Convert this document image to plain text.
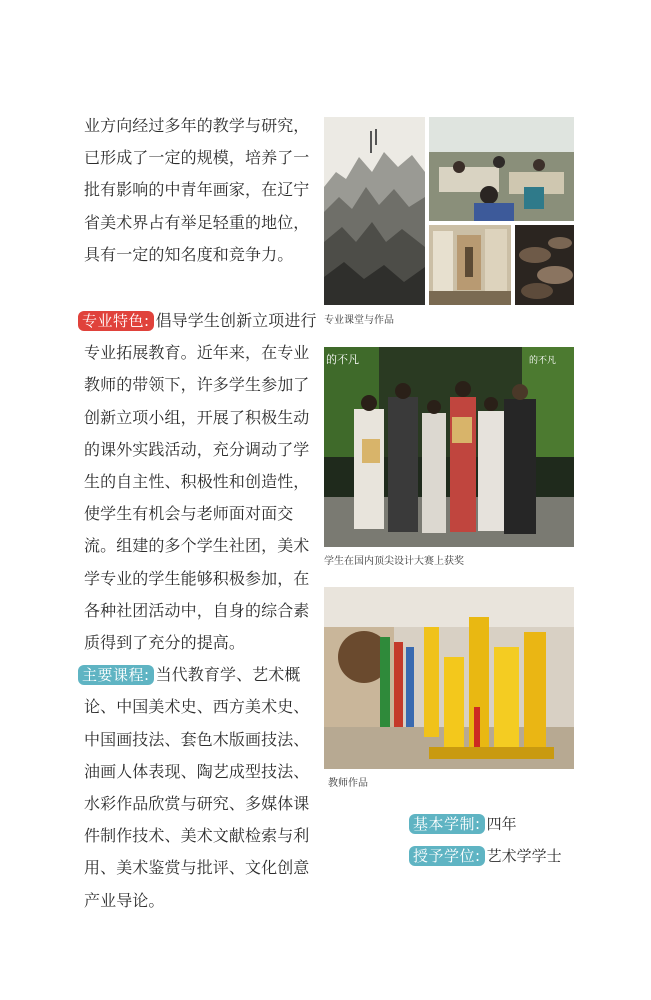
业方向经过多年的教学与研究，已形成了一定的规模，培养了一批有影响的中青年画家，在辽宁省美术界占有举足轻重的地位，具有一定的知名度和竞争力。

专业特色: 倡导学生创新立项进行专业拓展教育。近年来，在专业教师的带领下，许多学生参加了创新立项小组，开展了积极生动的课外实践活动，充分调动了学生的自主性、积极性和创造性，使学生有机会与老师面对面交流。组建的多个学生社团，美术学专业的学生能够积极参加，在各种社团活动中，自身的综合素质得到了充分的提高。

主要课程: 当代教育学、艺术概论、中国美术史、西方美术史、中国画技法、套色木版画技法、油画人体表现、陶艺成型技法、水彩作品欣赏与研究、多媒体课件制作技术、美术文献检索与利用、美术鉴赏与批评、文化创意产业导论。

专业课堂与作品
的不凡	的不凡
学生在国内顶尖设计大赛上获奖
教师作品
基本学制: 四年
授予学位: 艺术学学士
